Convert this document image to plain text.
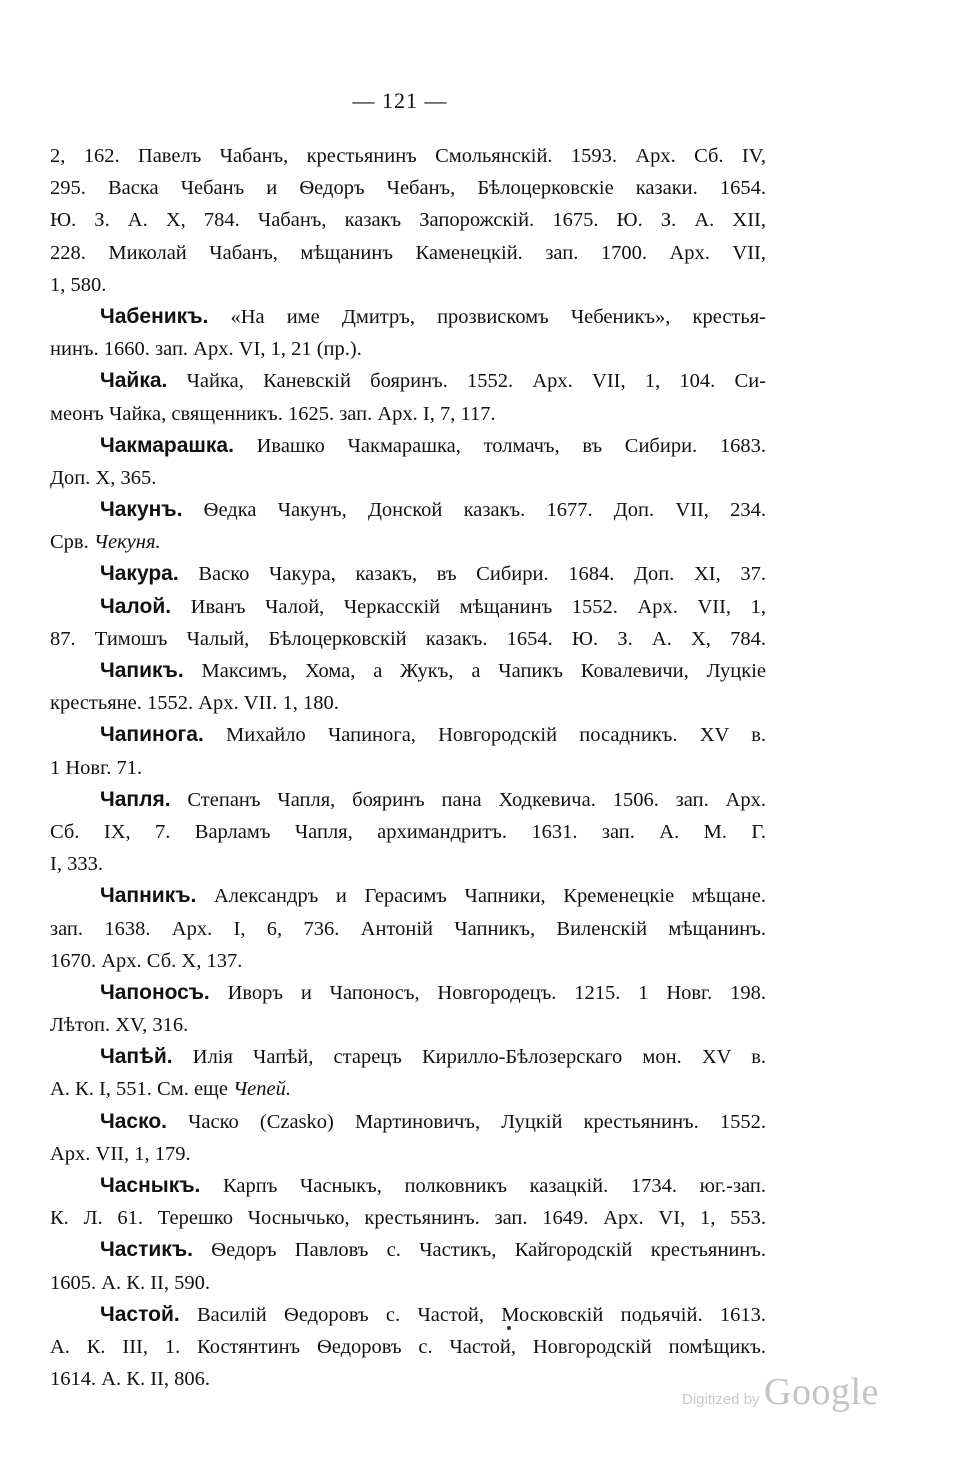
— 121 —
2, 162. Павелъ Чабанъ, крестьянинъ Смольянскій. 1593. Арх. Сб. IV,
295. Васка Чебанъ и Ѳедоръ Чебанъ, Бѣлоцерковскіе казаки. 1654.
Ю. З. А. X, 784. Чабанъ, казакъ Запорожскій. 1675. Ю. З. А. XII,
228. Миколай Чабанъ, мѣщанинъ Каменецкій. зап. 1700. Арх. VII,
1, 580.
Чабеникъ. «На име Дмитръ, прозвискомъ Чебеникъ», крестья-
нинъ. 1660. зап. Арх. VI, 1, 21 (пр.).
Чайка. Чайка, Каневскій бояринъ. 1552. Арх. VII, 1, 104. Си-
меонъ Чайка, священникъ. 1625. зап. Арх. I, 7, 117.
Чакмарашка. Ивашко Чакмарашка, толмачъ, въ Сибири. 1683.
Доп. X, 365.
Чакунъ. Ѳедка Чакунъ, Донской казакъ. 1677. Доп. VII, 234.
Срв. Чекуня.
Чакура. Васко Чакура, казакъ, въ Сибири. 1684. Доп. XI, 37.
Чалой. Иванъ Чалой, Черкасскій мѣщанинъ 1552. Арх. VII, 1,
87. Тимошъ Чалый, Бѣлоцерковскій казакъ. 1654. Ю. З. А. X, 784.
Чапикъ. Максимъ, Хома, а Жукъ, а Чапикъ Ковалевичи, Луцкіе
крестьяне. 1552. Арх. VII. 1, 180.
Чапинога. Михайло Чапинога, Новгородскій посадникъ. XV в.
1 Новг. 71.
Чапля. Степанъ Чапля, бояринъ пана Ходкевича. 1506. зап. Арх.
Сб. IX, 7. Варламъ Чапля, архимандритъ. 1631. зап. А. М. Г.
I, 333.
Чапникъ. Александръ и Герасимъ Чапники, Кременецкіе мѣщане.
зап. 1638. Арх. I, 6, 736. Антоній Чапникъ, Виленскій мѣщанинъ.
1670. Арх. Сб. X, 137.
Чапоносъ. Иворъ и Чапоносъ, Новгородецъ. 1215. 1 Новг. 198.
Лѣтоп. XV, 316.
Чапѣй. Илія Чапѣй, старецъ Кирилло-Бѣлозерскаго мон. XV в.
А. К. I, 551. См. еще Чепей.
Часко. Часко (Czasko) Мартиновичъ, Луцкій крестьянинъ. 1552.
Арх. VII, 1, 179.
Часныкъ. Карпъ Часныкъ, полковникъ казацкій. 1734. юг.-зап.
К. Л. 61. Терешко Чоснычько, крестьянинъ. зап. 1649. Арх. VI, 1, 553.
Частикъ. Ѳедоръ Павловъ с. Частикъ, Кайгородскій крестьянинъ.
1605. А. К. II, 590.
Частой. Василій Ѳедоровъ с. Частой, Московскій подьячій. 1613.
А. К. III, 1. Костянтинъ Ѳедоровъ с. Частой, Новгородскій помѣщикъ.
1614. А. К. II, 806.
Digitized by Google
